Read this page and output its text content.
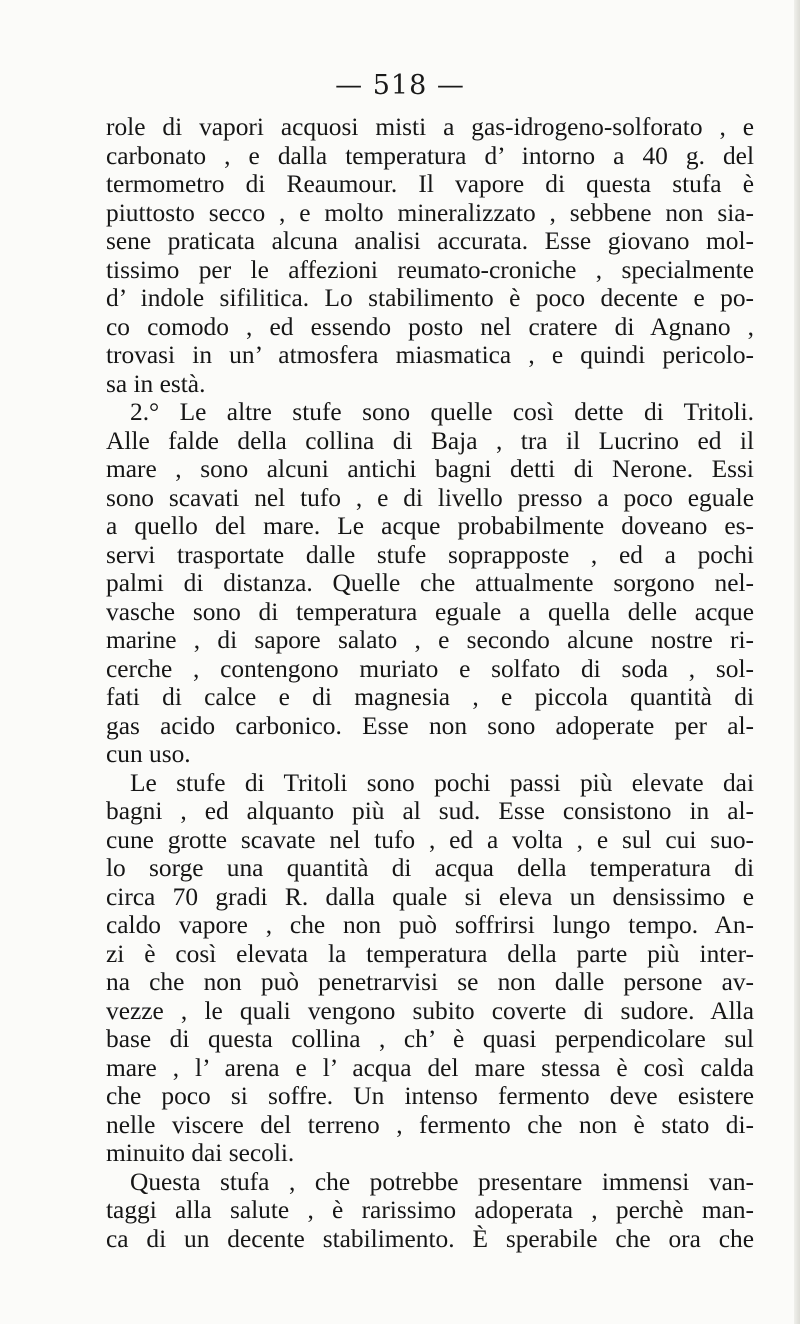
— 518 —
role di vapori acquosi misti a gas-idrogeno-solforato , e
carbonato , e dalla temperatura d’ intorno a 40 g. del
termometro di Reaumour. Il vapore di questa stufa è
piuttosto secco , e molto mineralizzato , sebbene non sia-
sene praticata alcuna analisi accurata. Esse giovano mol-
tissimo per le affezioni reumato-croniche , specialmente
d’ indole sifilitica. Lo stabilimento è poco decente e po-
co comodo , ed essendo posto nel cratere di Agnano ,
trovasi in un’ atmosfera miasmatica , e quindi pericolo-
sa in està.
2.° Le altre stufe sono quelle così dette di Tritoli.
Alle falde della collina di Baja , tra il Lucrino ed il
mare , sono alcuni antichi bagni detti di Nerone. Essi
sono scavati nel tufo , e di livello presso a poco eguale
a quello del mare. Le acque probabilmente doveano es-
servi trasportate dalle stufe soprapposte , ed a pochi
palmi di distanza. Quelle che attualmente sorgono nel-
vasche sono di temperatura eguale a quella delle acque
marine , di sapore salato , e secondo alcune nostre ri-
cerche , contengono muriato e solfato di soda , sol-
fati di calce e di magnesia , e piccola quantità di
gas acido carbonico. Esse non sono adoperate per al-
cun uso.
Le stufe di Tritoli sono pochi passi più elevate dai
bagni , ed alquanto più al sud. Esse consistono in al-
cune grotte scavate nel tufo , ed a volta , e sul cui suo-
lo sorge una quantità di acqua della temperatura di
circa 70 gradi R. dalla quale si eleva un densissimo e
caldo vapore , che non può soffrirsi lungo tempo. An-
zi è così elevata la temperatura della parte più inter-
na che non può penetrarvisi se non dalle persone av-
vezze , le quali vengono subito coverte di sudore. Alla
base di questa collina , ch’ è quasi perpendicolare sul
mare , l’ arena e l’ acqua del mare stessa è così calda
che poco si soffre. Un intenso fermento deve esistere
nelle viscere del terreno , fermento che non è stato di-
minuito dai secoli.
Questa stufa , che potrebbe presentare immensi van-
taggi alla salute , è rarissimo adoperata , perchè man-
ca di un decente stabilimento. È sperabile che ora che
